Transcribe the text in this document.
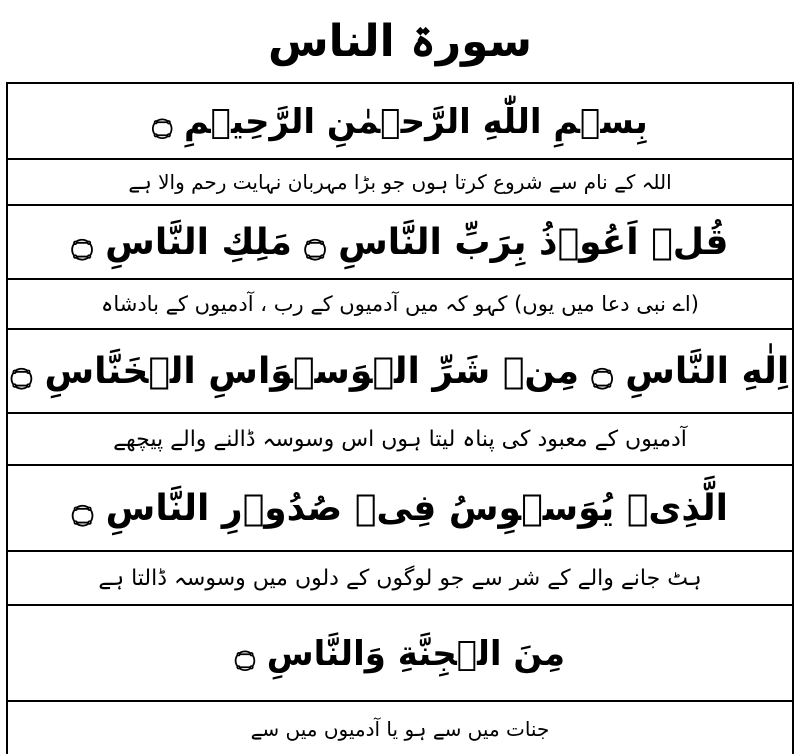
سورۃ الناس
بِسۡمِ اللّٰهِ الرَّحۡمٰنِ الرَّحِيۡمِ ۝
اللہ کے نام سے شروع کرتا ہوں جو بڑا مہربان نہایت رحم والا ہے
قُلۡ اَعُوۡذُ بِرَبِّ النَّاسِ ۝ مَلِكِ النَّاسِ ۝
(اے نبی دعا میں یوں) کہو کہ میں آدمیوں کے رب ، آدمیوں کے بادشاہ
اِلٰهِ النَّاسِ ۝ مِنۡ شَرِّ الۡوَسۡوَاسِ الۡخَنَّاسِ ۝
آدمیوں کے معبود کی پناہ لیتا ہوں اس وسوسہ ڈالنے والے پیچھے
الَّذِىۡ يُوَسۡوِسُ فِىۡ صُدُوۡرِ النَّاسِ ۝
ہٹ جانے والے کے شر سے جو لوگوں کے دلوں میں وسوسہ ڈالتا ہے
مِنَ الۡجِنَّةِ وَالنَّاسِ ۝
جنات میں سے ہو یا آدمیوں میں سے
